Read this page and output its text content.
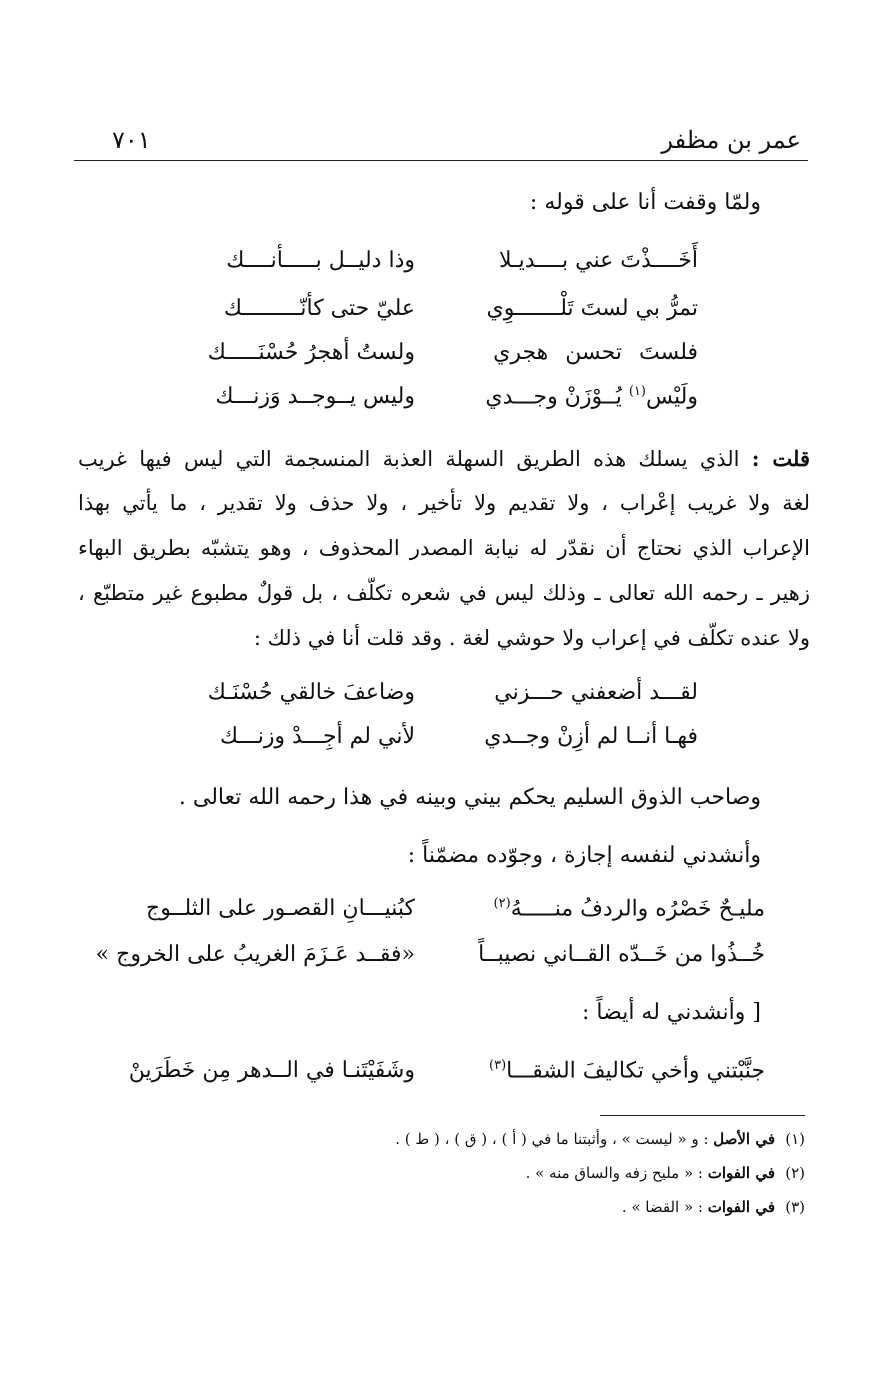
عمر بن مظفر
٧٠١
ولمّا وقفت أنا على قوله :
أَخَــــذْتَ عني بــــديـلا
وذا دليــل بـــــأنــــك
تمرُّ بي لستَ تَلْـــــــوِي
عليّ حتى كأنّـــــــــك
فلستَ تحسن هجري
ولستُ أهجرُ حُسْنَـــــك
ولَيْس$^{(١)}$ يُــوْزَنْ وجـــدي
وليس يــوجــد وَزنـــك
قلت : الذي يسلك هذه الطريق السهلة العذبة المنسجمة التي ليس فيها غريب
لغة ولا غريب إعْراب ، ولا تقديم ولا تأخير ، ولا حذف ولا تقدير ، ما يأتي بهذا
الإعراب الذي نحتاج أن نقدّر له نيابة المصدر المحذوف ، وهو يتشبّه بطريق البهاء
زهير ـ رحمه الله تعالى ـ وذلك ليس في شعره تكلّف ، بل قولٌ مطبوع غير متطبّع ،
ولا عنده تكلّف في إعراب ولا حوشي لغة . وقد قلت أنا في ذلك :
لقـــد أضعفني حـــزني
وضاعفَ خالقي حُسْنَـك
فهـا أنــا لم أزِنْ وجــدي
لأني لم أجِـــدْ وزنـــك
وصاحب الذوق السليم يحكم بيني وبينه في هذا رحمه الله تعالى .
وأنشدني لنفسه إجازة ، وجوّده مضمّناً :
مليـحٌ خَصْرُه والردفُ منـــــهُ$^{(٢)}$
كبُنيـــانِ القصـور على الثلــوج
خُــذُوا من خَــدّه القــاني نصيبــاً
«فقــد عَـزَمَ الغريبُ على الخروج »
[ وأنشدني له أيضاً :
جنَّبْتني وأخي تكاليفَ الشقـــا$^{(٣)}$
وشَفَيْتَنـا في الــدهر مِن خَطَرَينْ
(١)في الأصل : و « ليست » ، وأثبتنا ما في ( أ ) ، ( ق ) ، ( ط ) .
(٢)في الفوات : « مليح زفه والساق منه » .
(٣)في الفوات : « القضا » .
